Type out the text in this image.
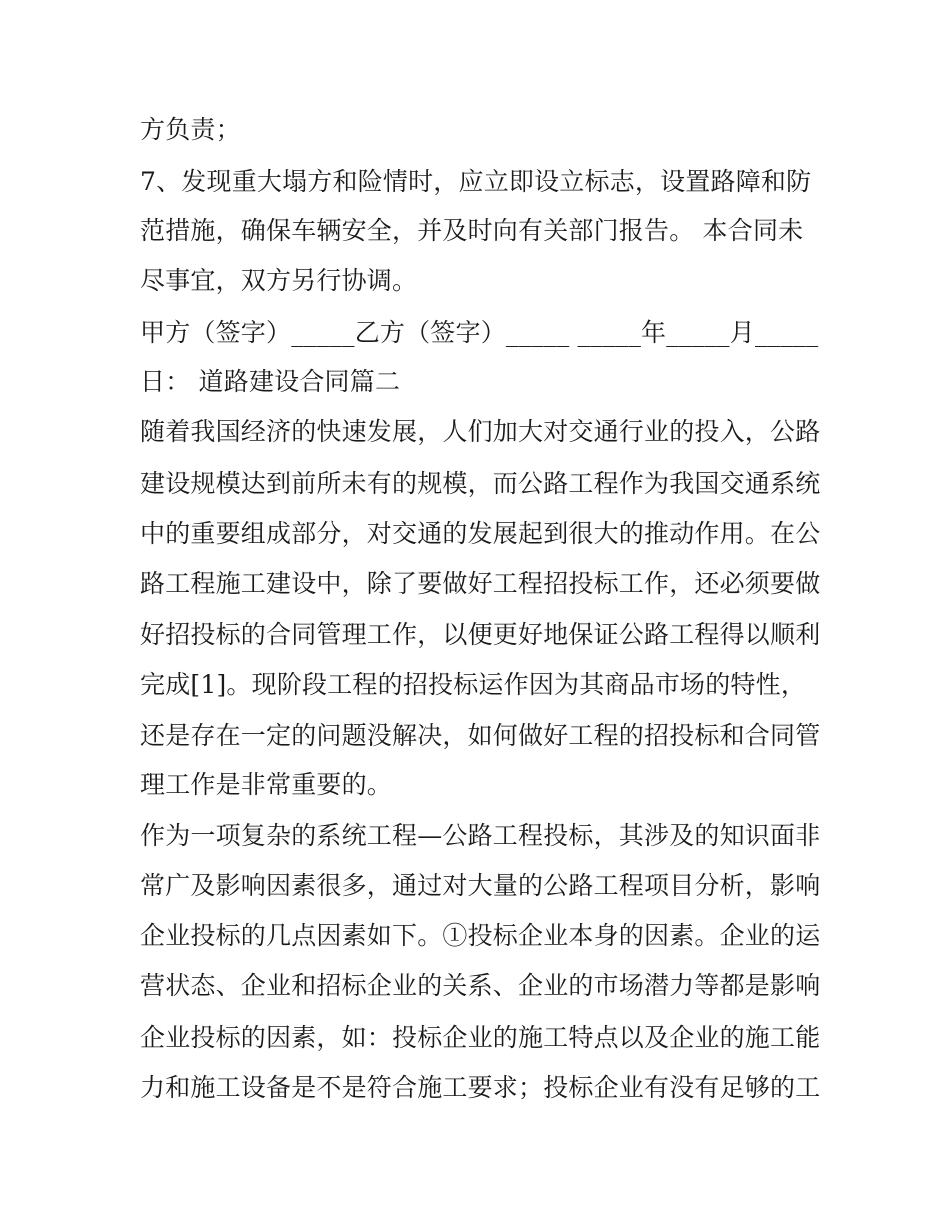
方负责；
7、发现重大塌方和险情时，应立即设立标志，设置路障和防
范措施，确保车辆安全，并及时向有关部门报告。 本合同未
尽事宜，双方另行协调。
甲方（签字）_____乙方（签字）_____ _____年_____月_____
日： 道路建设合同篇二
随着我国经济的快速发展，人们加大对交通行业的投入，公路
建设规模达到前所未有的规模，而公路工程作为我国交通系统
中的重要组成部分，对交通的发展起到很大的推动作用。在公
路工程施工建设中，除了要做好工程招投标工作，还必须要做
好招投标的合同管理工作，以便更好地保证公路工程得以顺利
完成[1]。现阶段工程的招投标运作因为其商品市场的特性，
还是存在一定的问题没解决，如何做好工程的招投标和合同管
理工作是非常重要的。
作为一项复杂的系统工程—公路工程投标，其涉及的知识面非
常广及影响因素很多，通过对大量的公路工程项目分析，影响
企业投标的几点因素如下。①投标企业本身的因素。企业的运
营状态、企业和招标企业的关系、企业的市场潜力等都是影响
企业投标的因素，如：投标企业的施工特点以及企业的施工能
力和施工设备是不是符合施工要求；投标企业有没有足够的工
